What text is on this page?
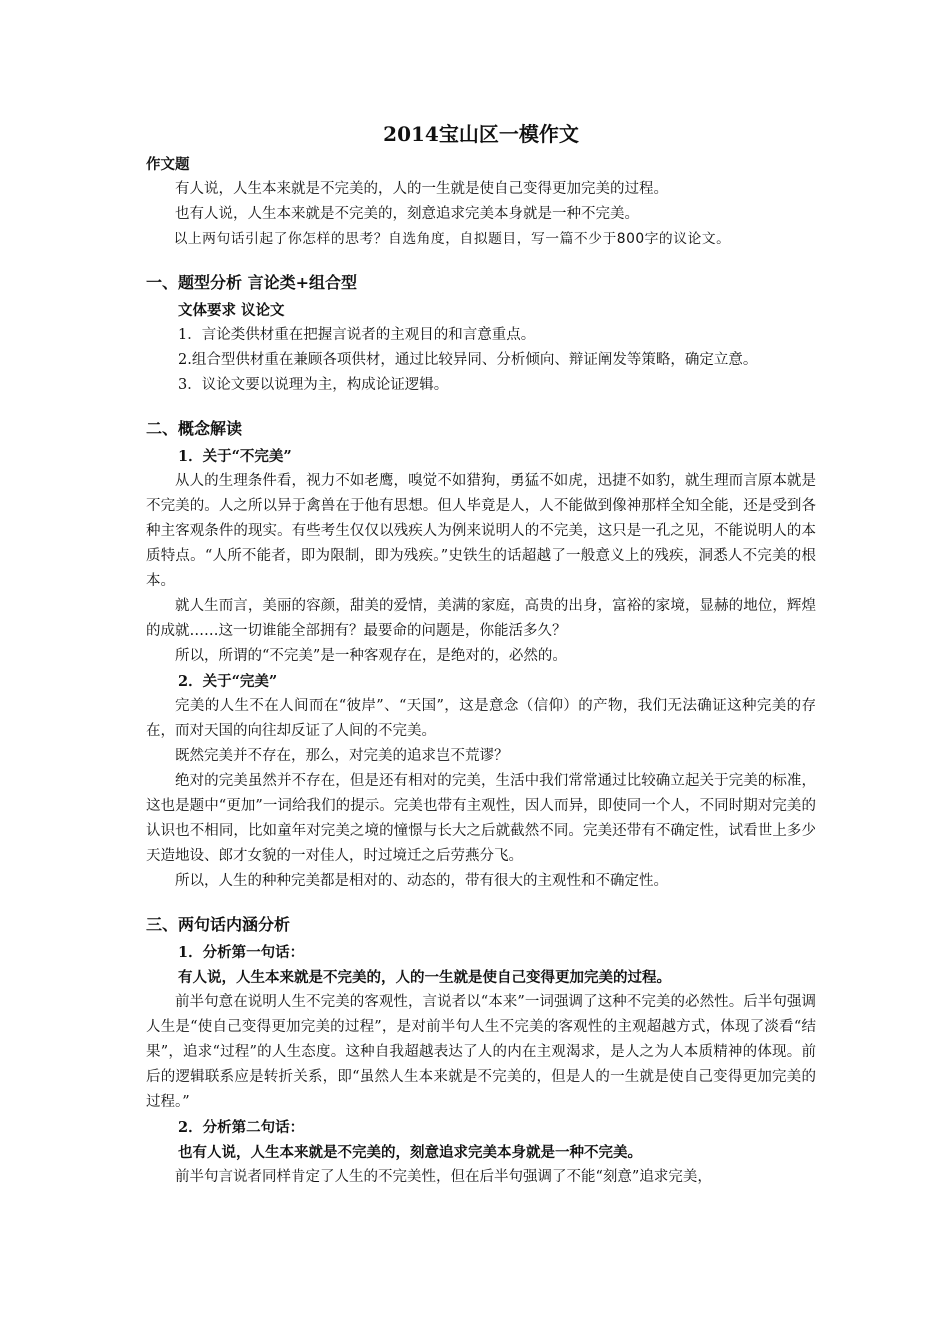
2014宝山区一模作文
作文题

有人说，人生本来就是不完美的，人的一生就是使自己变得更加完美的过程。

也有人说，人生本来就是不完美的，刻意追求完美本身就是一种不完美。

以上两句话引起了你怎样的思考？自选角度，自拟题目，写一篇不少于800字的议论文。

一、题型分析 言论类+组合型
文体要求 议论文
1．言论类供材重在把握言说者的主观目的和言意重点。
2.组合型供材重在兼顾各项供材，通过比较异同、分析倾向、辩证阐发等策略，确定立意。
3．议论文要以说理为主，构成论证逻辑。
二、概念解读
1．关于“不完美”

从人的生理条件看，视力不如老鹰，嗅觉不如猎狗，勇猛不如虎，迅捷不如豹，就生理而言原本就是不完美的。人之所以异于禽兽在于他有思想。但人毕竟是人，人不能做到像神那样全知全能，还是受到各种主客观条件的现实。有些考生仅仅以残疾人为例来说明人的不完美，这只是一孔之见，不能说明人的本质特点。“人所不能者，即为限制，即为残疾。”史铁生的话超越了一般意义上的残疾，洞悉人不完美的根本。

就人生而言，美丽的容颜，甜美的爱情，美满的家庭，高贵的出身，富裕的家境，显赫的地位，辉煌的成就……这一切谁能全部拥有？最要命的问题是，你能活多久？

所以，所谓的“不完美”是一种客观存在，是绝对的，必然的。

2．关于“完美”

完美的人生不在人间而在“彼岸”、“天国”，这是意念（信仰）的产物，我们无法确证这种完美的存在，而对天国的向往却反证了人间的不完美。

既然完美并不存在，那么，对完美的追求岂不荒谬？

绝对的完美虽然并不存在，但是还有相对的完美，生活中我们常常通过比较确立起关于完美的标准，这也是题中“更加”一词给我们的提示。完美也带有主观性，因人而异，即使同一个人，不同时期对完美的认识也不相同，比如童年对完美之境的憧憬与长大之后就截然不同。完美还带有不确定性，试看世上多少天造地设、郎才女貌的一对佳人，时过境迁之后劳燕分飞。

所以，人生的种种完美都是相对的、动态的，带有很大的主观性和不确定性。

三、两句话内涵分析
1．分析第一句话：
有人说，人生本来就是不完美的，人的一生就是使自己变得更加完美的过程。

前半句意在说明人生不完美的客观性，言说者以“本来”一词强调了这种不完美的必然性。后半句强调人生是“使自己变得更加完美的过程”，是对前半句人生不完美的客观性的主观超越方式，体现了淡看“结果”，追求“过程”的人生态度。这种自我超越表达了人的内在主观渴求，是人之为人本质精神的体现。前后的逻辑联系应是转折关系，即“虽然人生本来就是不完美的，但是人的一生就是使自己变得更加完美的过程。”

2．分析第二句话：
也有人说，人生本来就是不完美的，刻意追求完美本身就是一种不完美。

前半句言说者同样肯定了人生的不完美性，但在后半句强调了不能“刻意”追求完美，
